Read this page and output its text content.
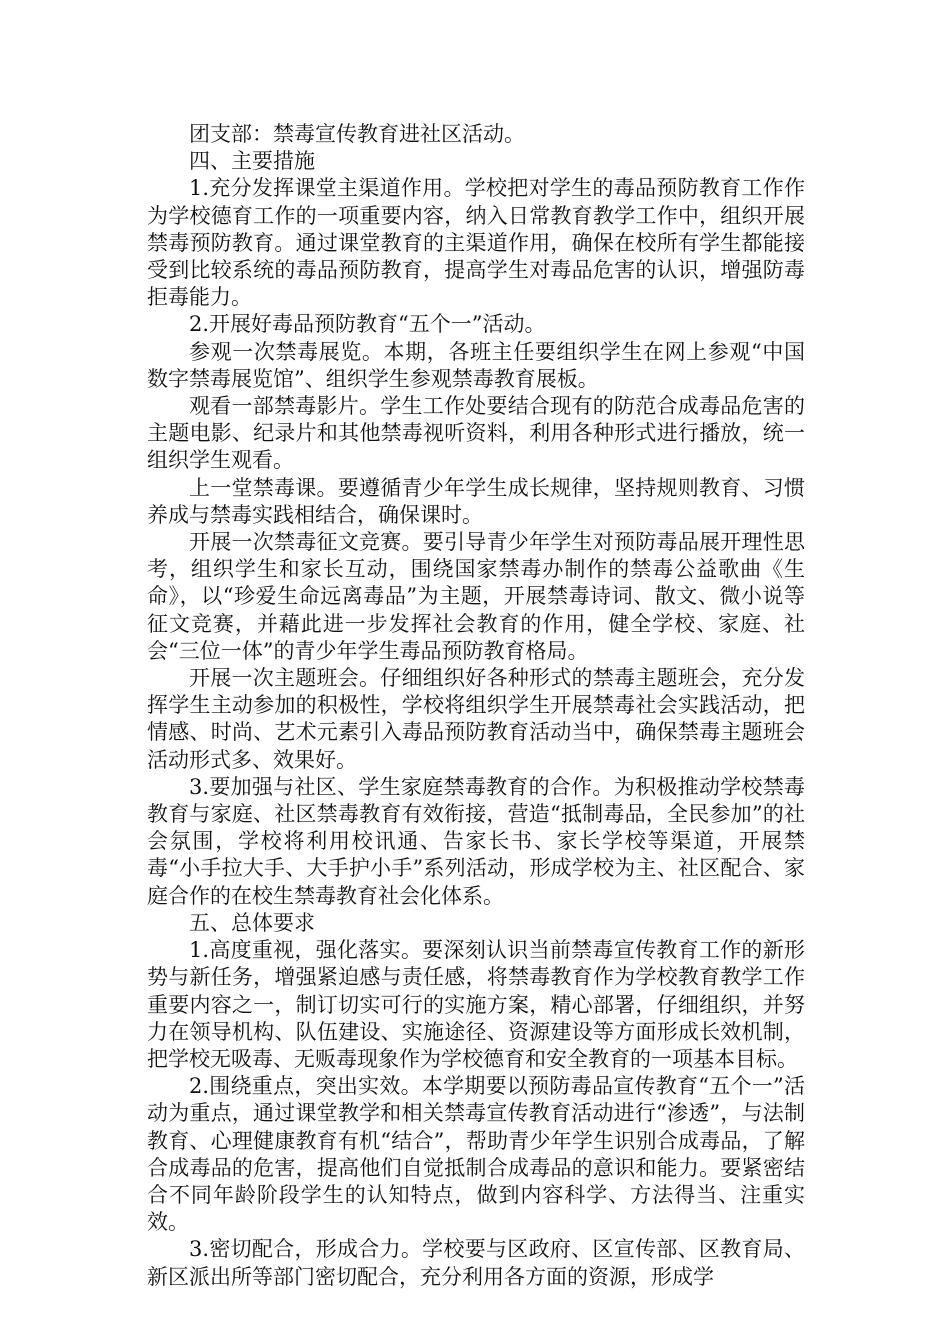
团支部：禁毒宣传教育进社区活动。

四、主要措施

1.充分发挥课堂主渠道作用。学校把对学生的毒品预防教育工作作为学校德育工作的一项重要内容，纳入日常教育教学工作中，组织开展禁毒预防教育。通过课堂教育的主渠道作用，确保在校所有学生都能接受到比较系统的毒品预防教育，提高学生对毒品危害的认识，增强防毒拒毒能力。

2.开展好毒品预防教育“五个一”活动。

参观一次禁毒展览。本期，各班主任要组织学生在网上参观“中国数字禁毒展览馆”、组织学生参观禁毒教育展板。

观看一部禁毒影片。学生工作处要结合现有的防范合成毒品危害的主题电影、纪录片和其他禁毒视听资料，利用各种形式进行播放，统一组织学生观看。

上一堂禁毒课。要遵循青少年学生成长规律，坚持规则教育、习惯养成与禁毒实践相结合，确保课时。

开展一次禁毒征文竞赛。要引导青少年学生对预防毒品展开理性思考，组织学生和家长互动，围绕国家禁毒办制作的禁毒公益歌曲《生命》，以“珍爱生命远离毒品”为主题，开展禁毒诗词、散文、微小说等征文竞赛，并藉此进一步发挥社会教育的作用，健全学校、家庭、社会“三位一体”的青少年学生毒品预防教育格局。

开展一次主题班会。仔细组织好各种形式的禁毒主题班会，充分发挥学生主动参加的积极性，学校将组织学生开展禁毒社会实践活动，把情感、时尚、艺术元素引入毒品预防教育活动当中，确保禁毒主题班会活动形式多、效果好。

3.要加强与社区、学生家庭禁毒教育的合作。为积极推动学校禁毒教育与家庭、社区禁毒教育有效衔接，营造“抵制毒品，全民参加”的社会氛围，学校将利用校讯通、告家长书、家长学校等渠道，开展禁毒“小手拉大手、大手护小手”系列活动，形成学校为主、社区配合、家庭合作的在校生禁毒教育社会化体系。

五、总体要求

1.高度重视，强化落实。要深刻认识当前禁毒宣传教育工作的新形势与新任务，增强紧迫感与责任感，将禁毒教育作为学校教育教学工作重要内容之一，制订切实可行的实施方案，精心部署，仔细组织，并努力在领导机构、队伍建设、实施途径、资源建设等方面形成长效机制，把学校无吸毒、无贩毒现象作为学校德育和安全教育的一项基本目标。

2.围绕重点，突出实效。本学期要以预防毒品宣传教育“五个一”活动为重点，通过课堂教学和相关禁毒宣传教育活动进行“渗透”，与法制教育、心理健康教育有机“结合”，帮助青少年学生识别合成毒品，了解合成毒品的危害，提高他们自觉抵制合成毒品的意识和能力。要紧密结合不同年龄阶段学生的认知特点，做到内容科学、方法得当、注重实效。

3.密切配合，形成合力。学校要与区政府、区宣传部、区教育局、新区派出所等部门密切配合，充分利用各方面的资源，形成学
